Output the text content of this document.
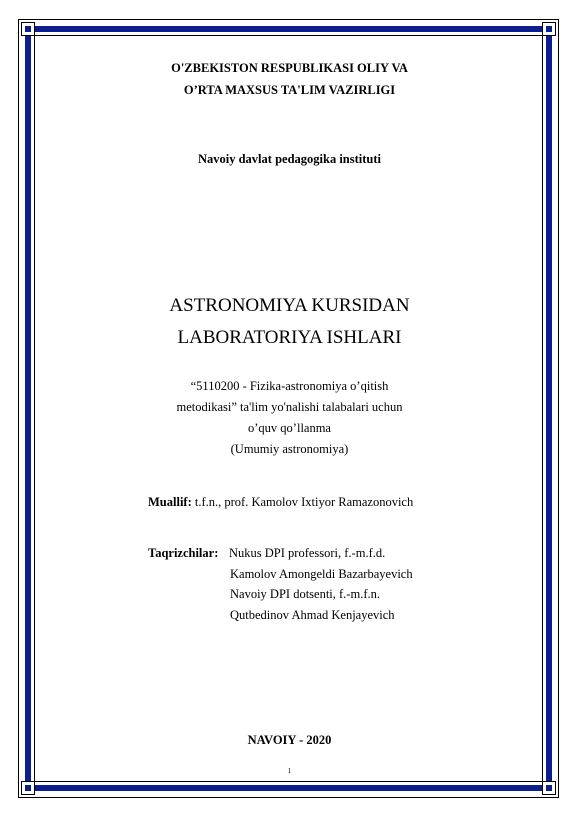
O'ZBEKISTON RESPUBLIKASI OLIY VA
O’RTA MAXSUS TA'LIM VAZIRLIGI
Navoiy davlat pedagogika instituti
ASTRONOMIYA KURSIDAN
LABORATORIYA ISHLARI
“5110200 - Fizika-astronomiya o’qitish
metodikasi” ta'lim yo'nalishi talabalari uchun
o’quv qo’llanma
(Umumiy astronomiya)
Muallif: t.f.n., prof. Kamolov Ixtiyor Ramazonovich
Taqrizchilar: Nukus DPI professori, f.-m.f.d.
Kamolov Amongeldi Bazarbayevich
Navoiy DPI dotsenti, f.-m.f.n.
Qutbedinov Ahmad Kenjayevich
NAVOIY - 2020
1
